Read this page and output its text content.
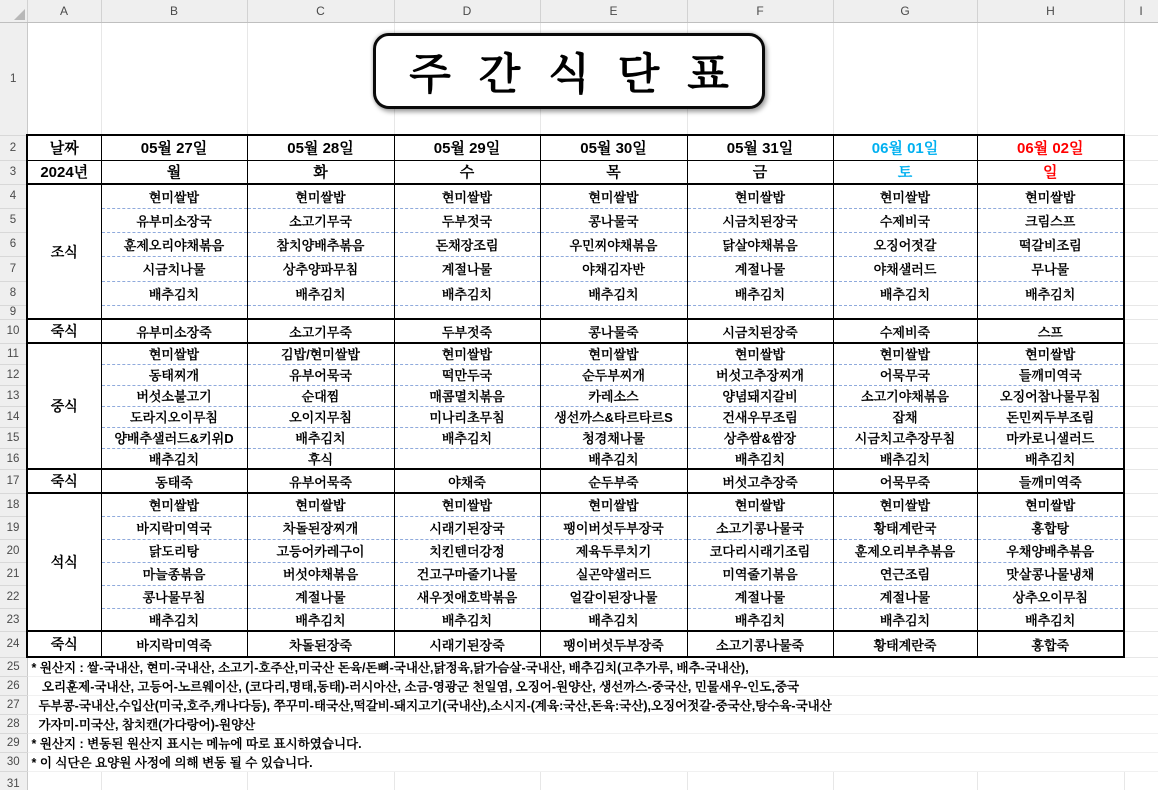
	A	B	C	D	E	F	G	H	I
1									
2	날짜	05월 27일	05월 28일	05월 29일	05월 30일	05월 31일	06월 01일	06월 02일	
3	2024년	월	화	수	목	금	토	일	
4	조식	현미쌀밥	현미쌀밥	현미쌀밥	현미쌀밥	현미쌀밥	현미쌀밥	현미쌀밥	
5		유부미소장국	소고기무국	두부젓국	콩나물국	시금치된장국	수제비국	크림스프	
6		훈제오리야채볶음	참치양배추볶음	돈채장조림	우민찌야채볶음	닭살야채볶음	오징어젓갈	떡갈비조림	
7		시금치나물	상추양파무침	계절나물	야채김자반	계절나물	야채샐러드	무나물	
8		배추김치	배추김치	배추김치	배추김치	배추김치	배추김치	배추김치	
9									
10	죽식	유부미소장죽	소고기무죽	두부젓죽	콩나물죽	시금치된장죽	수제비죽	스프	
11	중식	현미쌀밥	김밥/현미쌀밥	현미쌀밥	현미쌀밥	현미쌀밥	현미쌀밥	현미쌀밥	
12		동태찌개	유부어묵국	떡만두국	순두부찌개	버섯고추장찌개	어묵무국	들깨미역국	
13		버섯소불고기	순대찜	매콤멸치볶음	카레소스	양념돼지갈비	소고기야채볶음	오징어참나물무침	
14		도라지오이무침	오이지무침	미나리초무침	생선까스&타르타르S	건새우무조림	잡채	돈민찌두부조림	
15		양배추샐러드&키위D	배추김치	배추김치	청경채나물	상추쌈&쌈장	시금치고추장무침	마카로니샐러드	
16		배추김치	후식		배추김치	배추김치	배추김치	배추김치	
17	죽식	동태죽	유부어묵죽	야채죽	순두부죽	버섯고추장죽	어묵무죽	들깨미역죽	
18	석식	현미쌀밥	현미쌀밥	현미쌀밥	현미쌀밥	현미쌀밥	현미쌀밥	현미쌀밥	
19		바지락미역국	차돌된장찌개	시래기된장국	팽이버섯두부장국	소고기콩나물국	황태계란국	홍합탕	
20		닭도리탕	고등어카레구이	치킨텐더강정	제육두루치기	코다리시래기조림	훈제오리부추볶음	우채양배추볶음	
21		마늘종볶음	버섯야채볶음	건고구마줄기나물	실곤약샐러드	미역줄기볶음	연근조림	맛살콩나물냉채	
22		콩나물무침	계절나물	새우젓애호박볶음	얼갈이된장나물	계절나물	계절나물	상추오이무침	
23		배추김치	배추김치	배추김치	배추김치	배추김치	배추김치	배추김치	
24	죽식	바지락미역죽	차돌된장죽	시래기된장죽	팽이버섯두부장죽	소고기콩나물죽	황태계란죽	홍합죽	
25	* 원산지 : 쌀-국내산, 현미-국내산, 소고기-호주산,미국산 돈육/돈뼈-국내산,닭정육,닭가슴살-국내산, 배추김치(고추가루, 배추-국내산),								
26	오리훈제-국내산, 고등어-노르웨이산, (코다리,명태,동태)-러시아산, 소금-영광군 천일염, 오징어-원양산, 생선까스-중국산, 민물새우-인도,중국								
27	두부콩-국내산,수입산(미국,호주,캐나다등), 쭈꾸미-태국산,떡갈비-돼지고기(국내산),소시지-(계육:국산,돈육:국산),오징어젓갈-중국산,탕수육-국내산								
28	가자미-미국산, 참치캔(가다랑어)-원양산								
29	* 원산지 : 변동된 원산지 표시는 메뉴에 따로 표시하였습니다.								
30	* 이 식단은 요양원 사정에 의해 변동 될 수 있습니다.								
31									
주 간 식 단 표
